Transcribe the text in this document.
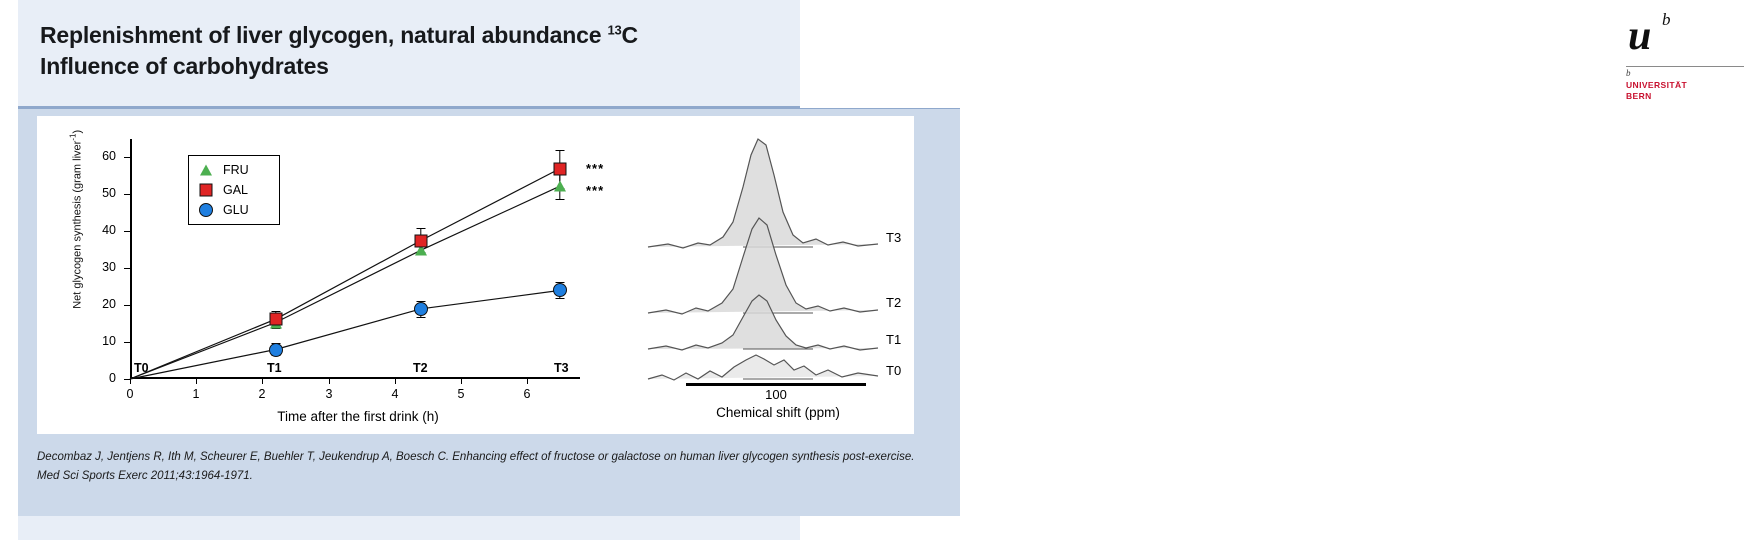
Replenishment of liver glycogen, natural abundance $^{13}$C
Influence of carbohydrates
u b
b
UNIVERSITÄT
BERN
Net glycogen synthesis (gram liver$^{-1}$)
0
10
20
30
40
50
60
0	1	2	3	4	5	6
Time after the first drink (h)
T0	T1	T2	T3
***
***
FRU
GAL
GLU
T3
T2
T1
T0
100
Chemical shift (ppm)
Decombaz J, Jentjens R, Ith M, Scheurer E, Buehler T, Jeukendrup A, Boesch C. Enhancing effect of fructose or galactose on human liver glycogen synthesis post-exercise. Med Sci Sports Exerc 2011;43:1964-1971.
